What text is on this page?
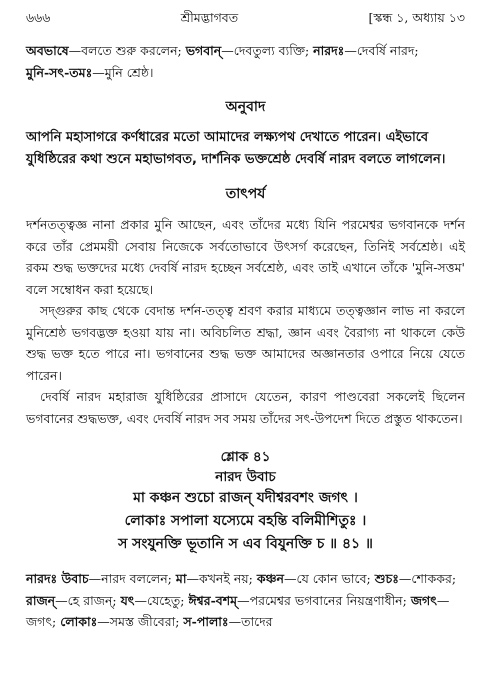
৬৬৬	শ্রীমদ্ভাগবত	[স্কন্ধ ১, অধ্যায় ১৩

অবভাষে—বলতে শুরু করলেন; ভগবান্‌—দেবতুল্য ব্যক্তি; নারদঃ—দেবর্ষি নারদ;
মুনি-সৎ-তমঃ—মুনি শ্রেষ্ঠ।

অনুবাদ

আপনি মহাসাগরে কর্ণধারের মতো আমাদের লক্ষ্যপথ দেখাতে পারেন। এইভাবে যুধিষ্ঠিরের কথা শুনে মহাভাগবত, দার্শনিক ভক্তশ্রেষ্ঠ দেবর্ষি নারদ বলতে লাগলেন।

তাৎপর্য

দর্শনতত্ত্বজ্ঞ নানা প্রকার মুনি আছেন, এবং তাঁদের মধ্যে যিনি পরমেশ্বর ভগবানকে দর্শন করে তাঁর প্রেমময়ী সেবায় নিজেকে সর্বতোভাবে উৎসর্গ করেছেন, তিনিই সর্বশ্রেষ্ঠ। এই রকম শুদ্ধ ভক্তদের মধ্যে দেবর্ষি নারদ হচ্ছেন সর্বশ্রেষ্ঠ, এবং তাই এখানে তাঁকে 'মুনি-সত্তম' বলে সম্বোধন করা হয়েছে।

সদ্‌গুরুর কাছ থেকে বেদান্ত দর্শন-তত্ত্ব শ্রবণ করার মাধ্যমে তত্ত্বজ্ঞান লাভ না করলে মুনিশ্রেষ্ঠ ভগবদ্ভক্ত হওয়া যায় না। অবিচলিত শ্রদ্ধা, জ্ঞান এবং বৈরাগ্য না থাকলে কেউ শুদ্ধ ভক্ত হতে পারে না। ভগবানের শুদ্ধ ভক্ত আমাদের অজ্ঞানতার ওপারে নিয়ে যেতে পারেন।

দেবর্ষি নারদ মহারাজ যুধিষ্ঠিরের প্রাসাদে যেতেন, কারণ পাণ্ডবেরা সকলেই ছিলেন ভগবানের শুদ্ধভক্ত, এবং দেবর্ষি নারদ সব সময় তাঁদের সৎ-উপদেশ দিতে প্রস্তুত থাকতেন।

শ্লোক ৪১
নারদ উবাচ
মা কঞ্চন শুচো রাজন্ যদীশ্বরবশং জগৎ ।
লোকাঃ সপালা যস্যেমে বহন্তি বলিমীশিতুঃ ।
স সংযুনক্তি ভূতানি স এব বিযুনক্তি চ ॥ ৪১ ॥

নারদঃ উবাচ—নারদ বললেন; মা—কখনই নয়; কঞ্চন—যে কোন ভাবে; শুচঃ—শোককর; রাজন্‌—হে রাজন্‌; যৎ—যেহেতু; ঈশ্বর-বশম্‌—পরমেশ্বর ভগবানের নিয়ন্ত্রণাধীন; জগৎ—জগৎ; লোকাঃ—সমস্ত জীবেরা; স-পালাঃ—তাদের
